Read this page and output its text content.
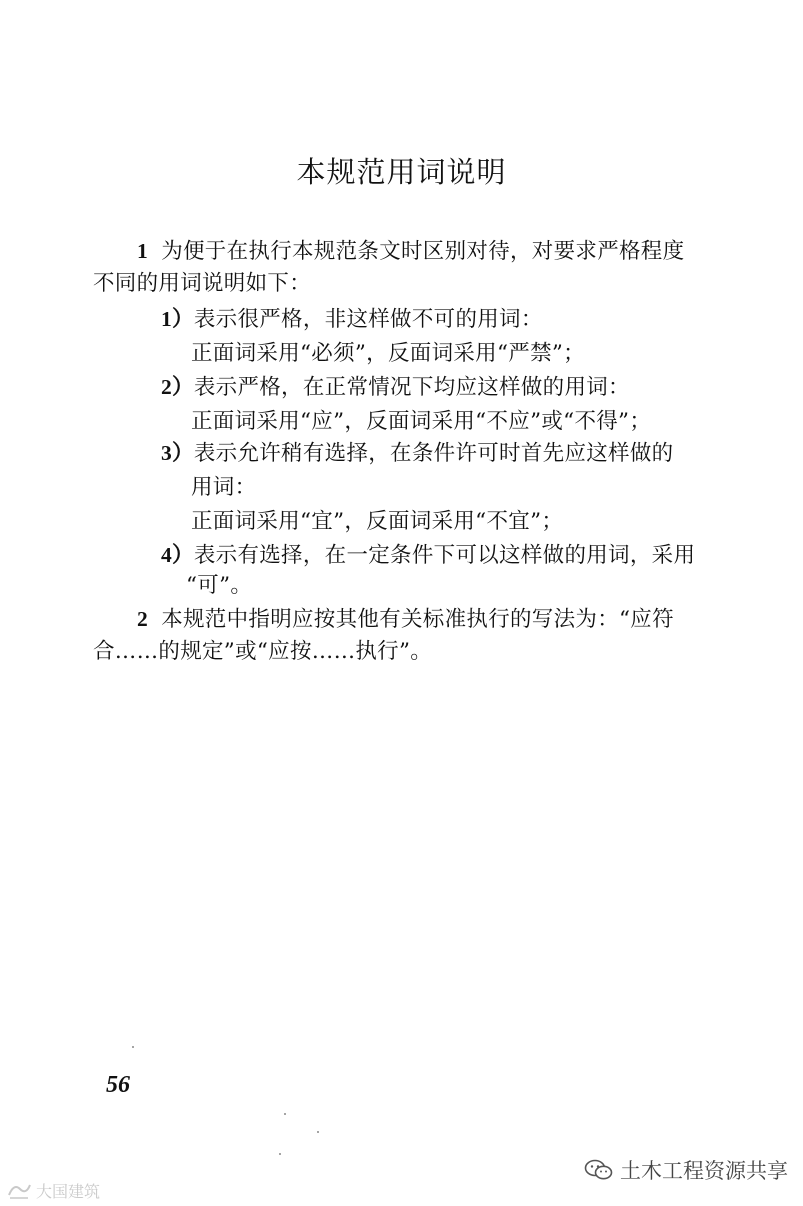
本规范用词说明
1 为便于在执行本规范条文时区别对待，对要求严格程度
不同的用词说明如下：
1）表示很严格，非这样做不可的用词：
正面词采用“必须”，反面词采用“严禁”；
2）表示严格，在正常情况下均应这样做的用词：
正面词采用“应”，反面词采用“不应”或“不得”；
3）表示允许稍有选择，在条件许可时首先应这样做的
用词：
正面词采用“宜”，反面词采用“不宜”；
4）表示有选择，在一定条件下可以这样做的用词，采用
“可”。
2 本规范中指明应按其他有关标准执行的写法为：“应符
合……的规定”或“应按……执行”。
56
土木工程资源共享
大国建筑
